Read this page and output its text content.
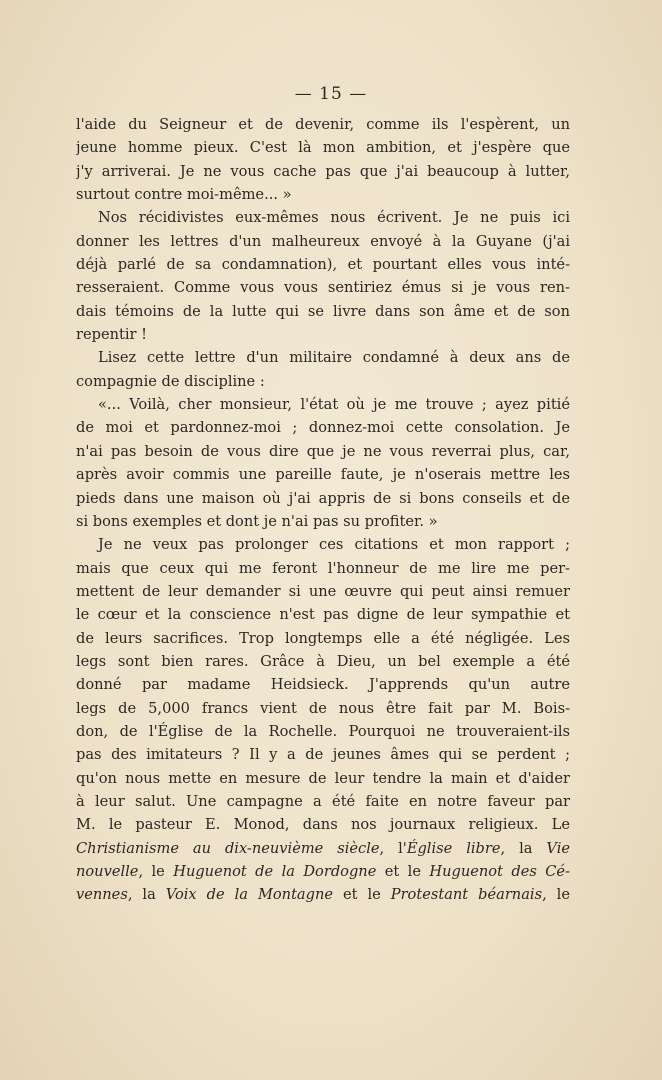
— 15 —
l'aide du Seigneur et de devenir, comme ils l'espèrent, un
jeune homme pieux. C'est là mon ambition, et j'espère que
j'y arriverai. Je ne vous cache pas que j'ai beaucoup à lutter,
surtout contre moi-même... »
Nos récidivistes eux-mêmes nous écrivent. Je ne puis ici
donner les lettres d'un malheureux envoyé à la Guyane (j'ai
déjà parlé de sa condamnation), et pourtant elles vous inté-
resseraient. Comme vous vous sentiriez émus si je vous ren-
dais témoins de la lutte qui se livre dans son âme et de son
repentir !
Lisez cette lettre d'un militaire condamné à deux ans de
compagnie de discipline :
«... Voilà, cher monsieur, l'état où je me trouve ; ayez pitié
de moi et pardonnez-moi ; donnez-moi cette consolation. Je
n'ai pas besoin de vous dire que je ne vous reverrai plus, car,
après avoir commis une pareille faute, je n'oserais mettre les
pieds dans une maison où j'ai appris de si bons conseils et de
si bons exemples et dont je n'ai pas su profiter. »
Je ne veux pas prolonger ces citations et mon rapport ;
mais que ceux qui me feront l'honneur de me lire me per-
mettent de leur demander si une œuvre qui peut ainsi remuer
le cœur et la conscience n'est pas digne de leur sympathie et
de leurs sacrifices. Trop longtemps elle a été négligée. Les
legs sont bien rares. Grâce à Dieu, un bel exemple a été
donné par madame Heidsieck. J'apprends qu'un autre
legs de 5,000 francs vient de nous être fait par M. Bois-
don, de l'Église de la Rochelle. Pourquoi ne trouveraient-ils
pas des imitateurs ? Il y a de jeunes âmes qui se perdent ;
qu'on nous mette en mesure de leur tendre la main et d'aider
à leur salut. Une campagne a été faite en notre faveur par
M. le pasteur E. Monod, dans nos journaux religieux. Le
Christianisme au dix-neuvième siècle, l'Église libre, la Vie
nouvelle, le Huguenot de la Dordogne et le Huguenot des Cé-
vennes, la Voix de la Montagne et le Protestant béarnais, le
